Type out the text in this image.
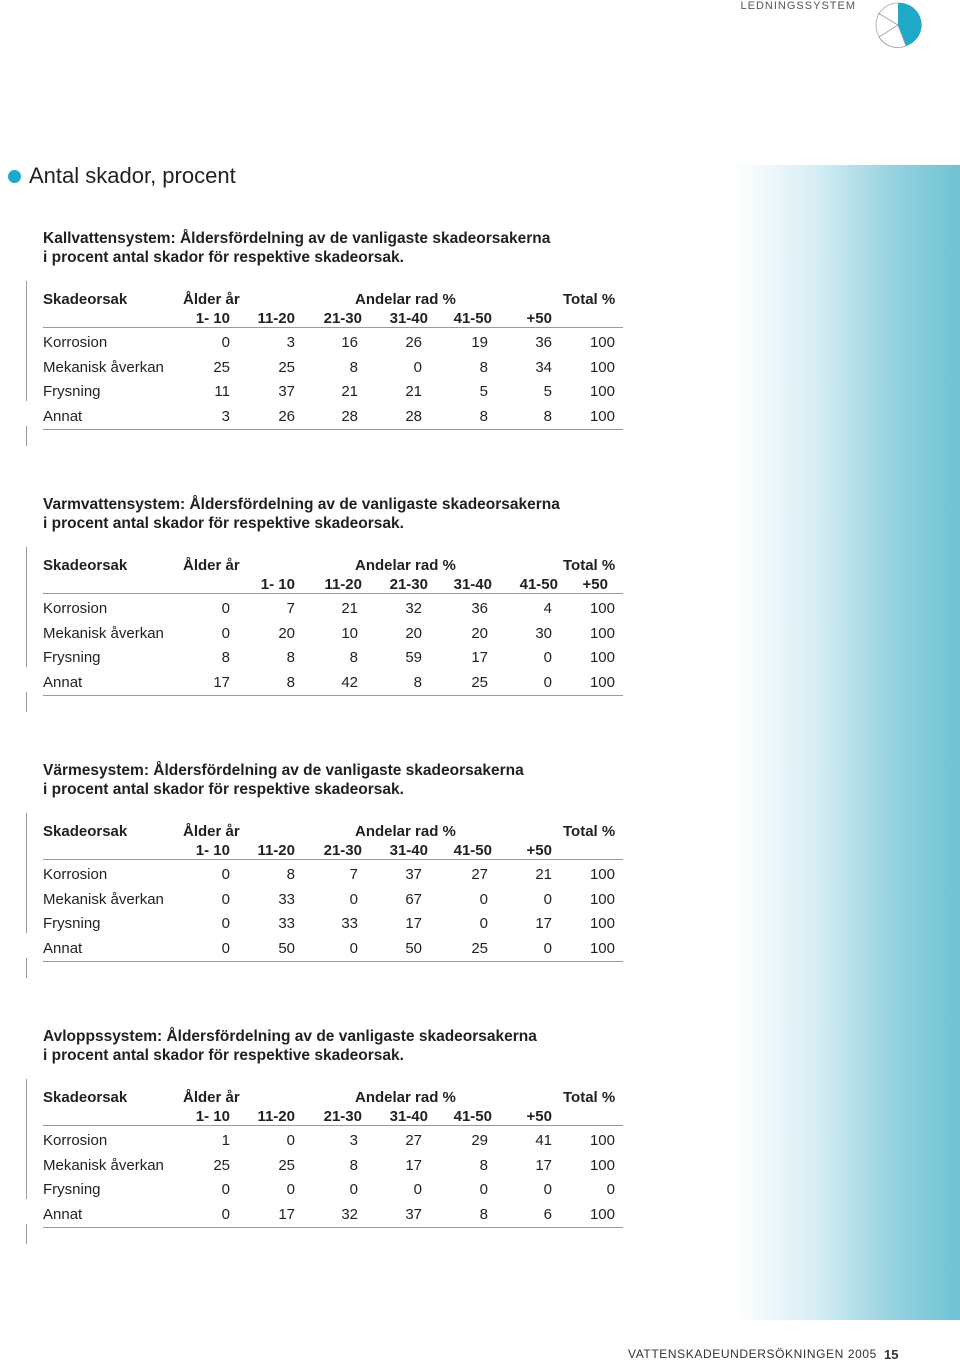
LEDNINGSSYSTEM
Antal skador, procent
Kallvattensystem: Åldersfördelning av de vanligaste skadeorsakerna
i procent antal skador för respektive skadeorsak.
Skadeorsak	Ålder år	Andelar rad %	Total %
1- 10	11-20	21-30	31-40	41-50	+50
Korrosion	0	3	16	26	19	36	100
Mekanisk åverkan	25	25	8	0	8	34	100
Frysning	11	37	21	21	5	5	100
Annat	3	26	28	28	8	8	100
Varmvattensystem: Åldersfördelning av de vanligaste skadeorsakerna
i procent antal skador för respektive skadeorsak.
Skadeorsak	Ålder år	Andelar rad %	Total %
1- 10	11-20	21-30	31-40	41-50	+50
Korrosion	0	7	21	32	36	4	100
Mekanisk åverkan	0	20	10	20	20	30	100
Frysning	8	8	8	59	17	0	100
Annat	17	8	42	8	25	0	100
Värmesystem: Åldersfördelning av de vanligaste skadeorsakerna
i procent antal skador för respektive skadeorsak.
Skadeorsak	Ålder år	Andelar rad %	Total %
1- 10	11-20	21-30	31-40	41-50	+50
Korrosion	0	8	7	37	27	21	100
Mekanisk åverkan	0	33	0	67	0	0	100
Frysning	0	33	33	17	0	17	100
Annat	0	50	0	50	25	0	100
Avloppssystem: Åldersfördelning av de vanligaste skadeorsakerna
i procent antal skador för respektive skadeorsak.
Skadeorsak	Ålder år	Andelar rad %	Total %
1- 10	11-20	21-30	31-40	41-50	+50
Korrosion	1	0	3	27	29	41	100
Mekanisk åverkan	25	25	8	17	8	17	100
Frysning	0	0	0	0	0	0	0
Annat	0	17	32	37	8	6	100
VATTENSKADEUNDERSÖKNINGEN 2005 15
